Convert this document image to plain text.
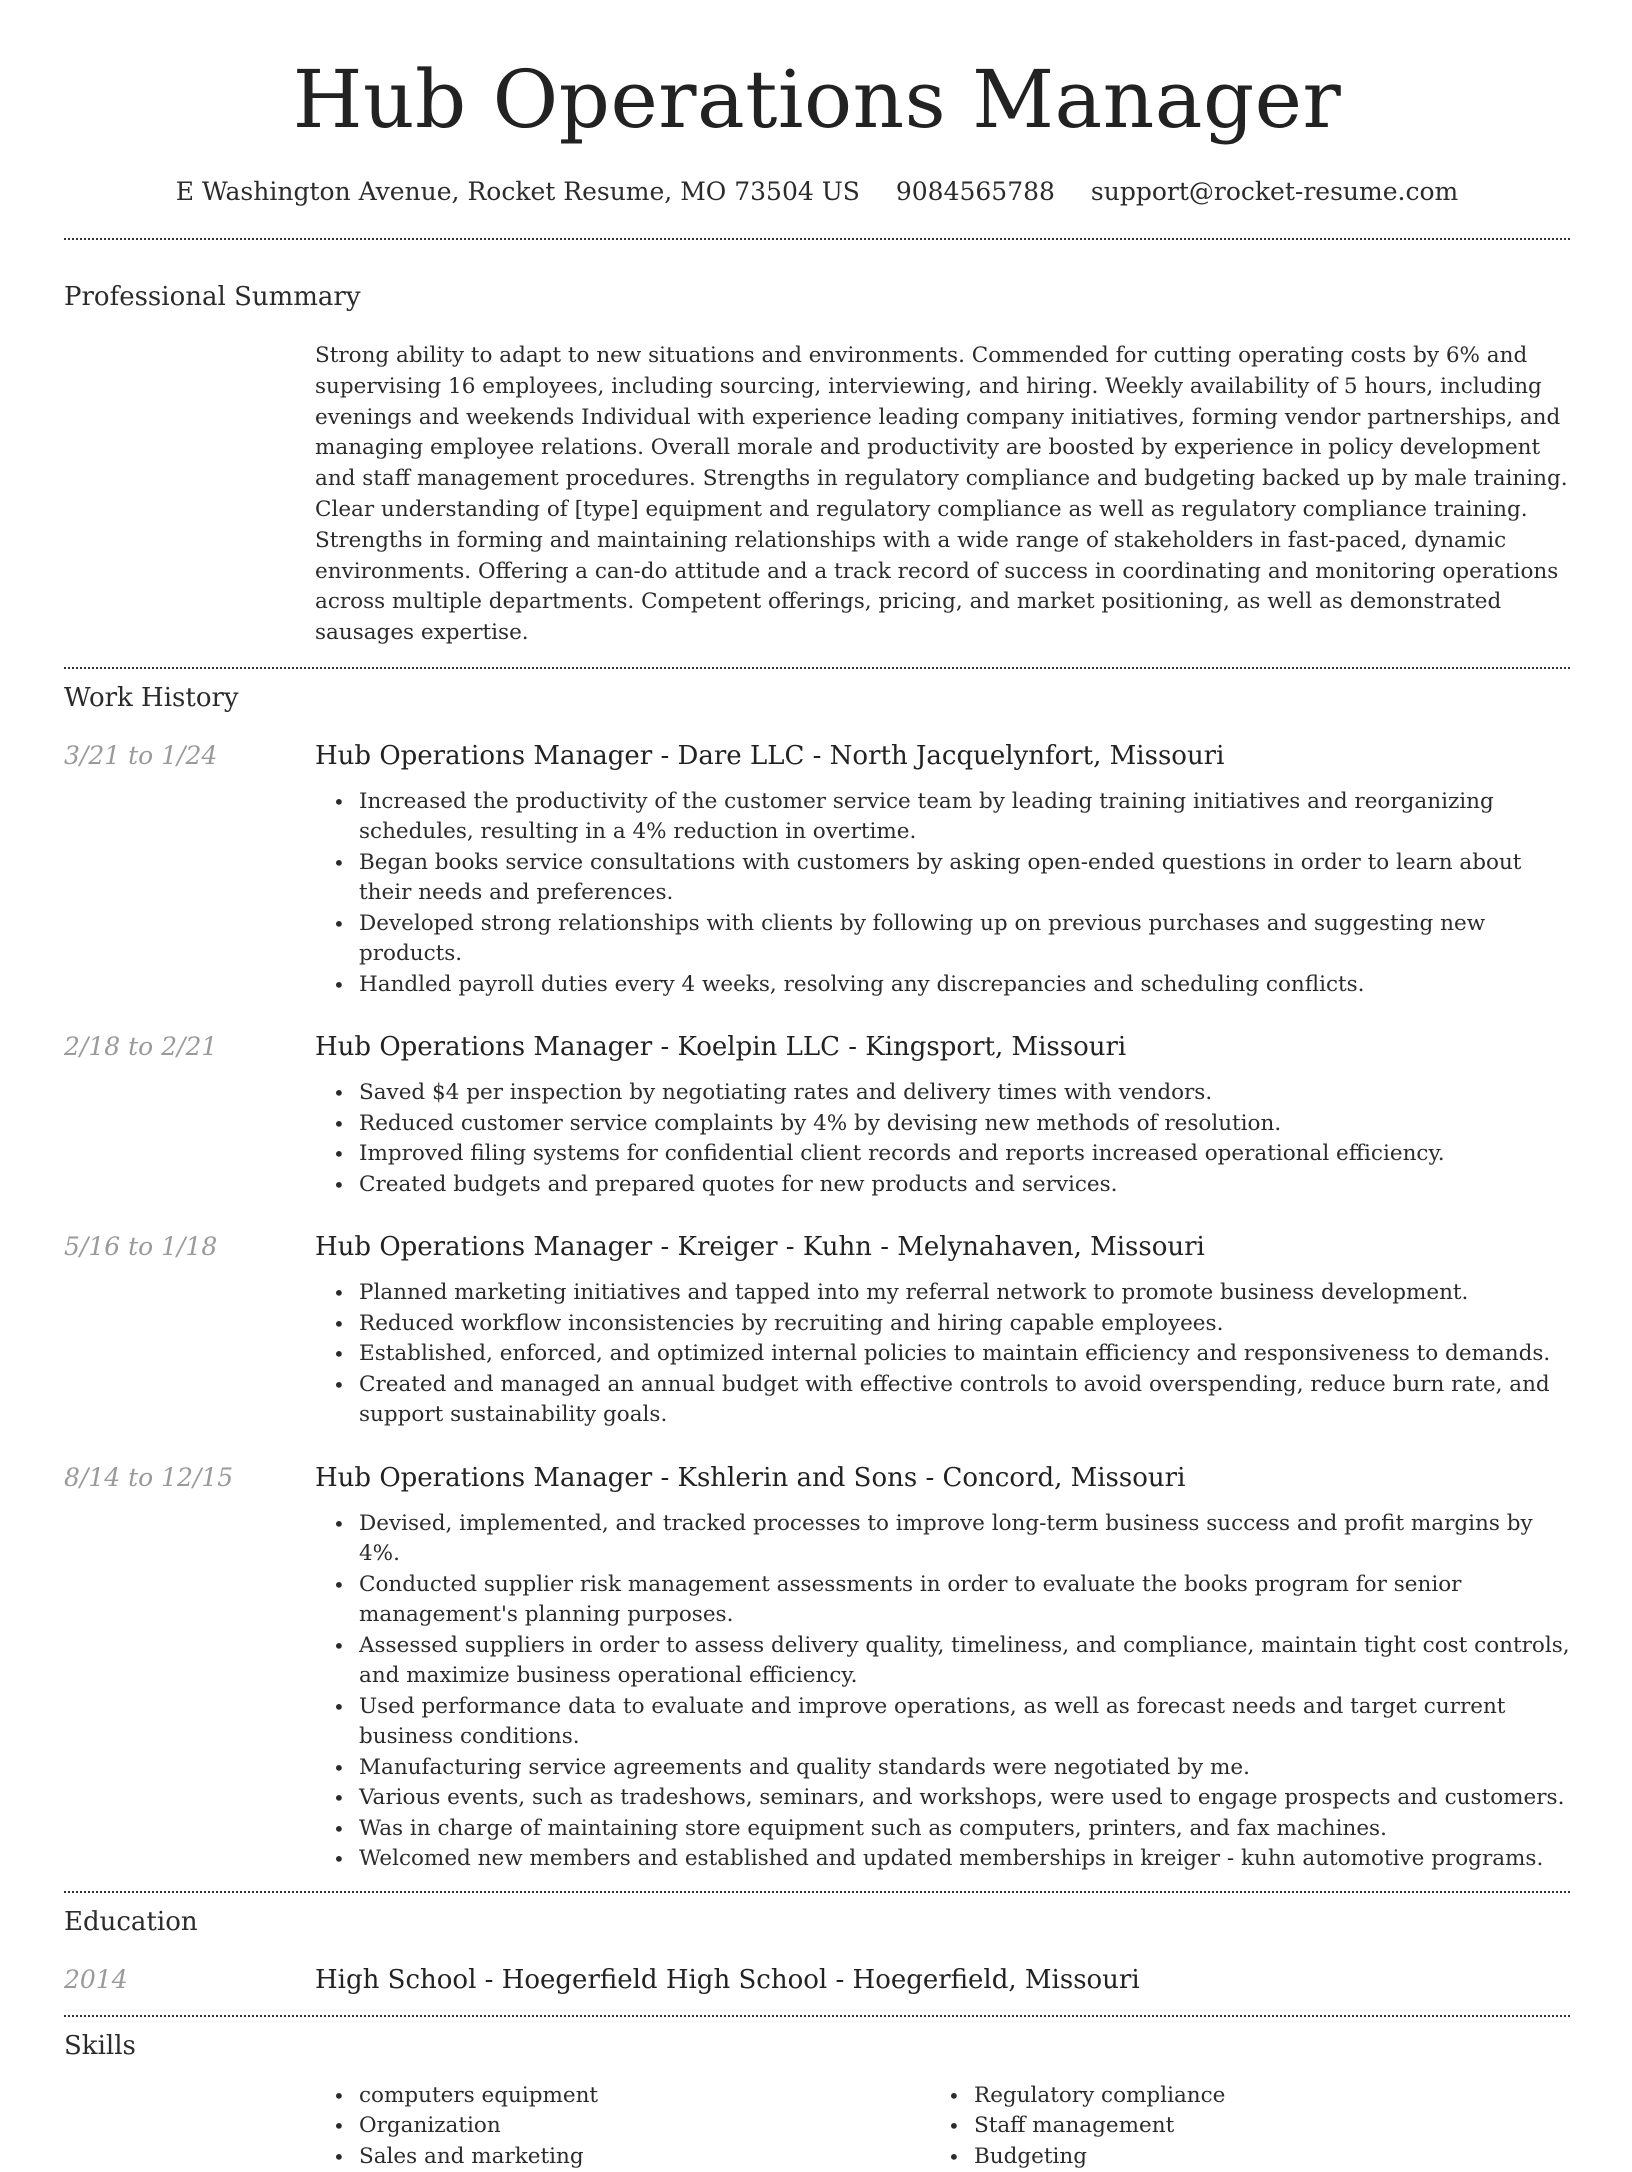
Hub Operations Manager
E Washington Avenue, Rocket Resume, MO 73504 US 9084565788 support@rocket-resume.com
Professional Summary
Strong ability to adapt to new situations and environments. Commended for cutting operating costs by 6% and supervising 16 employees, including sourcing, interviewing, and hiring. Weekly availability of 5 hours, including evenings and weekends Individual with experience leading company initiatives, forming vendor partnerships, and managing employee relations. Overall morale and productivity are boosted by experience in policy development and staff management procedures. Strengths in regulatory compliance and budgeting backed up by male training. Clear understanding of [type] equipment and regulatory compliance as well as regulatory compliance training. Strengths in forming and maintaining relationships with a wide range of stakeholders in fast-paced, dynamic environments. Offering a can-do attitude and a track record of success in coordinating and monitoring operations across multiple departments. Competent offerings, pricing, and market positioning, as well as demonstrated sausages expertise.
Work History
3/21 to 1/24	Hub Operations Manager - Dare LLC - North Jacquelynfort, Missouri
• Increased the productivity of the customer service team by leading training initiatives and reorganizing schedules, resulting in a 4% reduction in overtime.
• Began books service consultations with customers by asking open-ended questions in order to learn about their needs and preferences.
• Developed strong relationships with clients by following up on previous purchases and suggesting new products.
• Handled payroll duties every 4 weeks, resolving any discrepancies and scheduling conflicts.
2/18 to 2/21	Hub Operations Manager - Koelpin LLC - Kingsport, Missouri
• Saved $4 per inspection by negotiating rates and delivery times with vendors.
• Reduced customer service complaints by 4% by devising new methods of resolution.
• Improved filing systems for confidential client records and reports increased operational efficiency.
• Created budgets and prepared quotes for new products and services.
5/16 to 1/18	Hub Operations Manager - Kreiger - Kuhn - Melynahaven, Missouri
• Planned marketing initiatives and tapped into my referral network to promote business development.
• Reduced workflow inconsistencies by recruiting and hiring capable employees.
• Established, enforced, and optimized internal policies to maintain efficiency and responsiveness to demands.
• Created and managed an annual budget with effective controls to avoid overspending, reduce burn rate, and support sustainability goals.
8/14 to 12/15	Hub Operations Manager - Kshlerin and Sons - Concord, Missouri
• Devised, implemented, and tracked processes to improve long-term business success and profit margins by 4%.
• Conducted supplier risk management assessments in order to evaluate the books program for senior management's planning purposes.
• Assessed suppliers in order to assess delivery quality, timeliness, and compliance, maintain tight cost controls, and maximize business operational efficiency.
• Used performance data to evaluate and improve operations, as well as forecast needs and target current business conditions.
• Manufacturing service agreements and quality standards were negotiated by me.
• Various events, such as tradeshows, seminars, and workshops, were used to engage prospects and customers.
• Was in charge of maintaining store equipment such as computers, printers, and fax machines.
• Welcomed new members and established and updated memberships in kreiger - kuhn automotive programs.
Education
2014	High School - Hoegerfield High School - Hoegerfield, Missouri
Skills
• computers equipment
• Organization
• Sales and marketing
• Regulatory compliance
• Staff management
• Budgeting
